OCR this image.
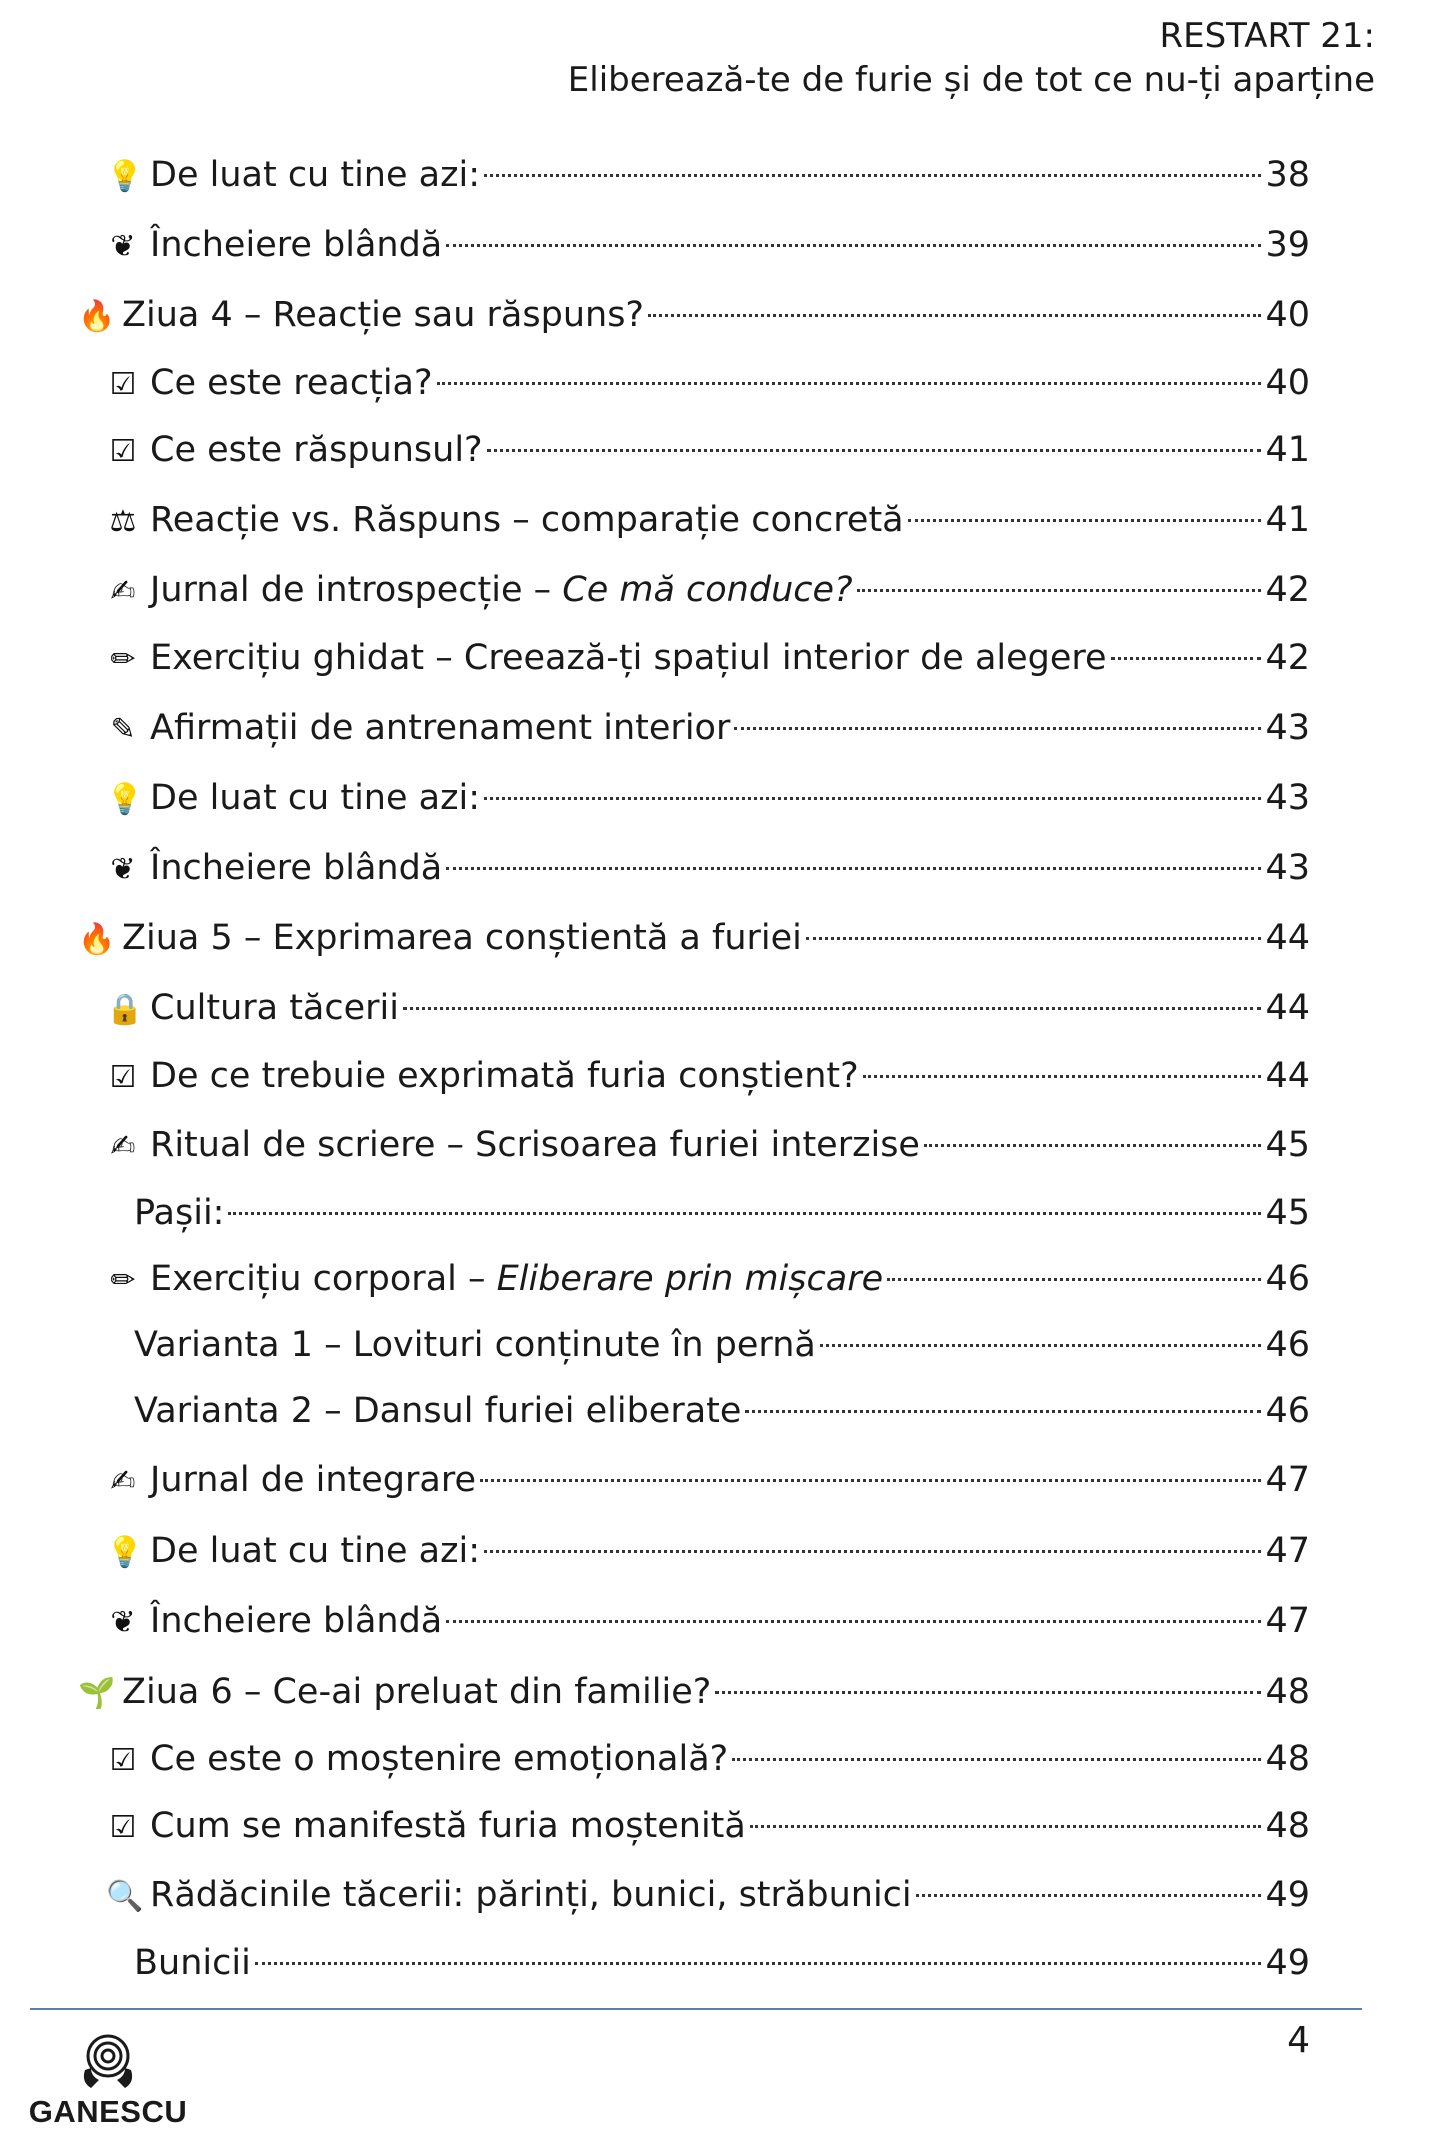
RESTART 21:
Eliberează-te de furie și de tot ce nu-ți aparține
💡 De luat cu tine azi:	38
❦ Încheiere blândă	39
🔥 Ziua 4 – Reacție sau răspuns?	40
☑ Ce este reacția?	40
☑ Ce este răspunsul?	41
⚖ Reacție vs. Răspuns – comparație concretă	41
✍ Jurnal de introspecție – Ce mă conduce?	42
✏ Exercițiu ghidat – Creează-ți spațiul interior de alegere	42
✎ Afirmații de antrenament interior	43
💡 De luat cu tine azi:	43
❦ Încheiere blândă	43
🔥 Ziua 5 – Exprimarea conștientă a furiei	44
🔒 Cultura tăcerii	44
☑ De ce trebuie exprimată furia conștient?	44
✍ Ritual de scriere – Scrisoarea furiei interzise	45
Pașii:	45
✏ Exercițiu corporal – Eliberare prin mișcare	46
Varianta 1 – Lovituri conținute în pernă	46
Varianta 2 – Dansul furiei eliberate	46
✍ Jurnal de integrare	47
💡 De luat cu tine azi:	47
❦ Încheiere blândă	47
🌱 Ziua 6 – Ce-ai preluat din familie?	48
☑ Ce este o moștenire emoțională?	48
☑ Cum se manifestă furia moștenită	48
🔍 Rădăcinile tăcerii: părinți, bunici, străbunici	49
Bunicii	49
4
GANESCU
